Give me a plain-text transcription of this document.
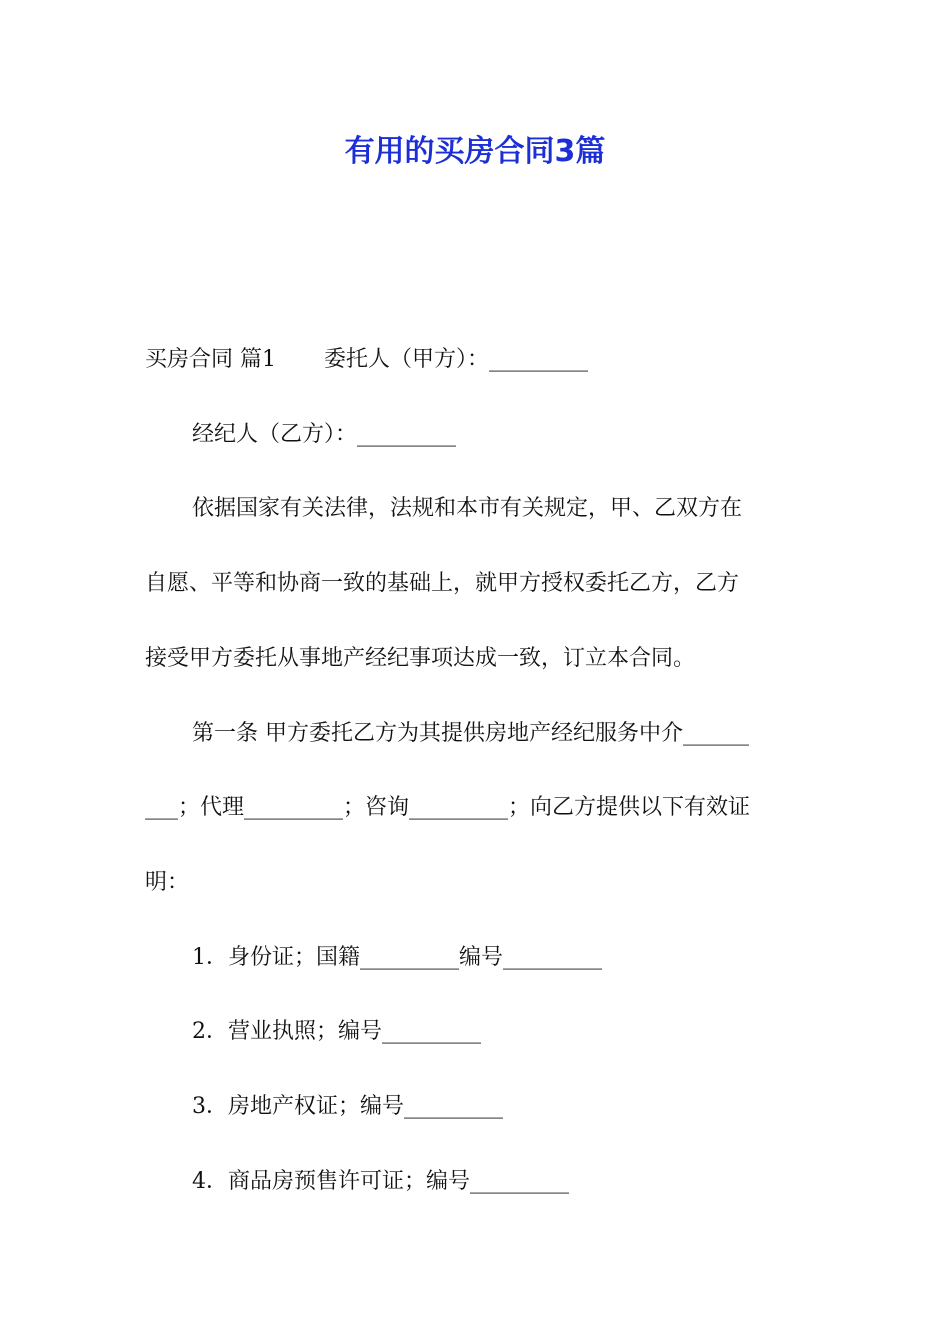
有用的买房合同3篇

买房合同 篇1 委托人（甲方）：_________

经纪人（乙方）：_________

依据国家有关法律，法规和本市有关规定，甲、乙双方在

自愿、平等和协商一致的基础上，就甲方授权委托乙方，乙方

接受甲方委托从事地产经纪事项达成一致，订立本合同。

第一条 甲方委托乙方为其提供房地产经纪服务中介______

___；代理_________；咨询_________；向乙方提供以下有效证

明：

1．身份证；国籍_________编号_________

2．营业执照；编号_________

3．房地产权证；编号_________

4．商品房预售许可证；编号_________
